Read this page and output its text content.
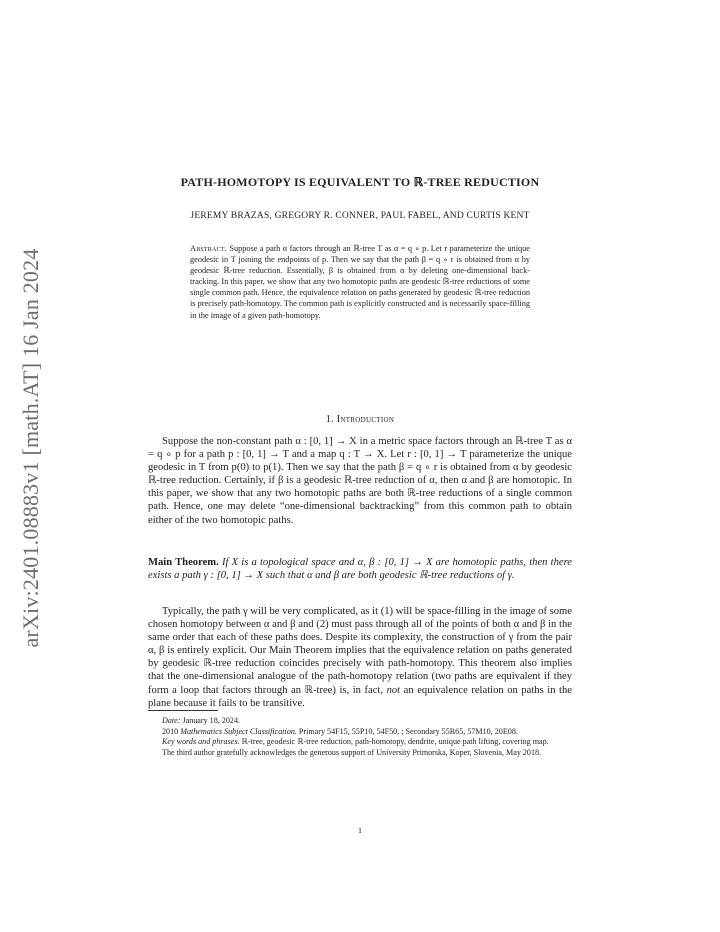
arXiv:2401.08883v1 [math.AT] 16 Jan 2024
PATH-HOMOTOPY IS EQUIVALENT TO ℝ-TREE REDUCTION
JEREMY BRAZAS, GREGORY R. CONNER, PAUL FABEL, AND CURTIS KENT
Abstract. Suppose a path α factors through an ℝ-tree T as α = q ∘ p. Let r parameterize the unique geodesic in T joining the endpoints of p. Then we say that the path β = q ∘ r is obtained from α by geodesic ℝ-tree reduction. Essentially, β is obtained from α by deleting one-dimensional back-tracking. In this paper, we show that any two homotopic paths are geodesic ℝ-tree reductions of some single common path. Hence, the equivalence relation on paths generated by geodesic ℝ-tree reduction is precisely path-homotopy. The common path is explicitly constructed and is necessarily space-filling in the image of a given path-homotopy.
1. Introduction
Suppose the non-constant path α : [0, 1] → X in a metric space factors through an ℝ-tree T as α = q ∘ p for a path p : [0, 1] → T and a map q : T → X. Let r : [0, 1] → T parameterize the unique geodesic in T from p(0) to p(1). Then we say that the path β = q ∘ r is obtained from α by geodesic ℝ-tree reduction. Certainly, if β is a geodesic ℝ-tree reduction of α, then α and β are homotopic. In this paper, we show that any two homotopic paths are both ℝ-tree reductions of a single common path. Hence, one may delete “one-dimensional backtracking” from this common path to obtain either of the two homotopic paths.
Main Theorem. If X is a topological space and α, β : [0, 1] → X are homotopic paths, then there exists a path γ : [0, 1] → X such that α and β are both geodesic ℝ-tree reductions of γ.
Typically, the path γ will be very complicated, as it (1) will be space-filling in the image of some chosen homotopy between α and β and (2) must pass through all of the points of both α and β in the same order that each of these paths does. Despite its complexity, the construction of γ from the pair α, β is entirely explicit. Our Main Theorem implies that the equivalence relation on paths generated by geodesic ℝ-tree reduction coincides precisely with path-homotopy. This theorem also implies that the one-dimensional analogue of the path-homotopy relation (two paths are equivalent if they form a loop that factors through an ℝ-tree) is, in fact, not an equivalence relation on paths in the plane because it fails to be transitive.

Date: January 18, 2024.

2010 Mathematics Subject Classification. Primary 54F15, 55P10, 54F50, ; Secondary 55R65, 57M10, 20E08.

Key words and phrases. ℝ-tree, geodesic ℝ-tree reduction, path-homotopy, dendrite, unique path lifting, covering map.

The third author gratefully acknowledges the generous support of University Primorska, Koper, Slovenia, May 2018.

1
